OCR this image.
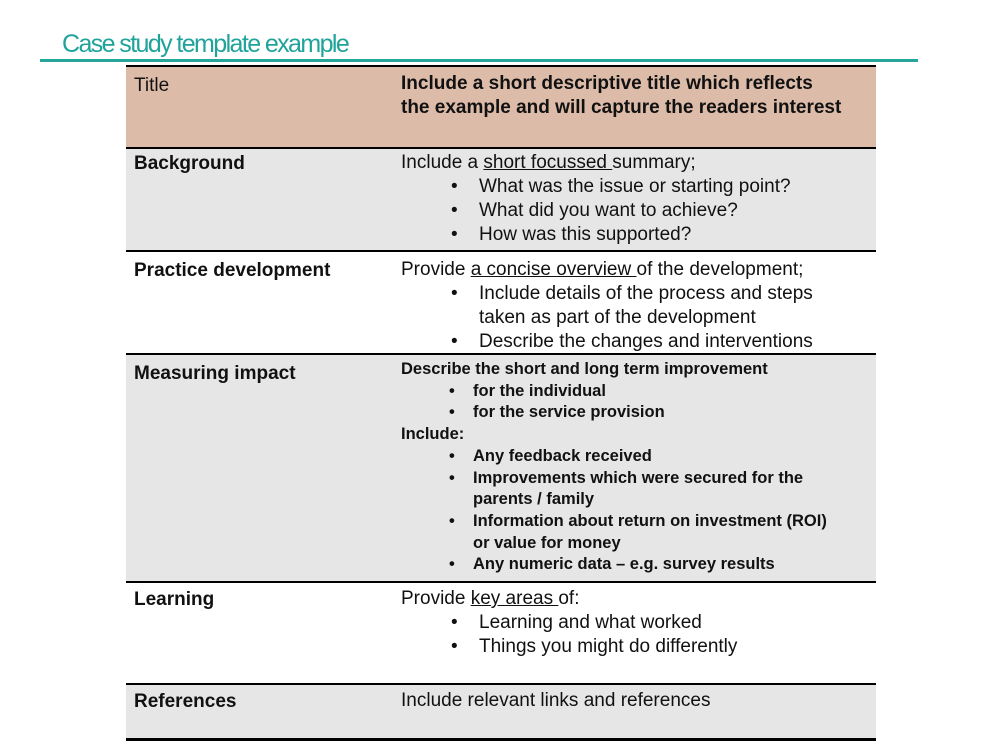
Case study template example
Title	Include a short descriptive title which reflects
the example and will capture the readers interest
Background	Include a short focussed summary;
• What was the issue or starting point?
• What did you want to achieve?
• How was this supported?
Practice development	Provide a concise overview of the development;
• Include details of the process and steps
taken as part of the development
• Describe the changes and interventions
Measuring impact	Describe the short and long term improvement
• for the individual
• for the service provision
Include:
• Any feedback received
• Improvements which were secured for the
parents / family
• Information about return on investment (ROI)
or value for money
• Any numeric data – e.g. survey results
Learning	Provide key areas of:
• Learning and what worked
• Things you might do differently
References	Include relevant links and references
